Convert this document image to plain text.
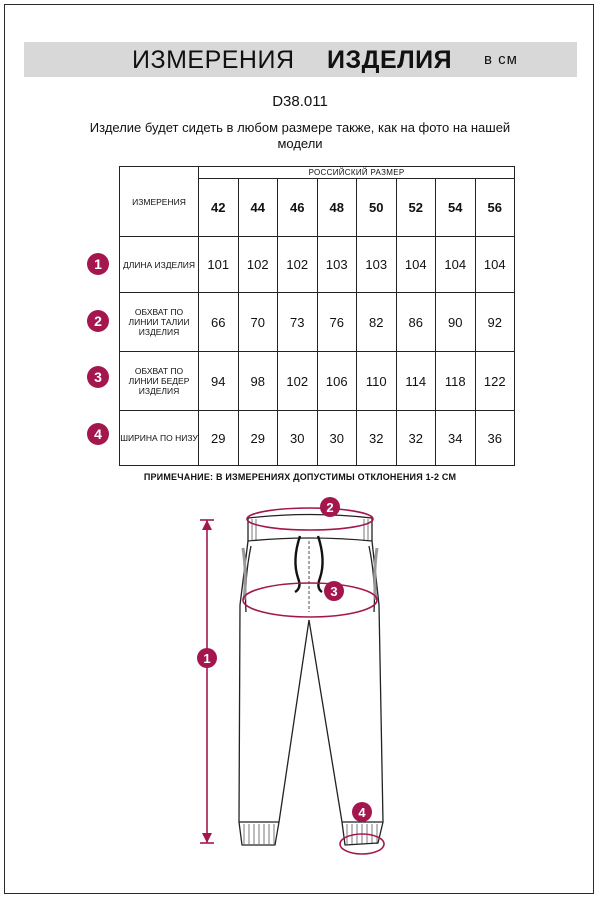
ИЗМЕРЕНИЯ ИЗДЕЛИЯ в см
D38.011
Изделие будет сидеть в любом размере также, как на фото на нашей модели
ИЗМЕРЕНИЯ	РОССИЙСКИЙ РАЗМЕР							
	42	44	46	48	50	52	54	56
ДЛИНА ИЗДЕЛИЯ	101	102	102	103	103	104	104	104
ОБХВАТ ПО ЛИНИИ ТАЛИИ ИЗДЕЛИЯ	66	70	73	76	82	86	90	92
ОБХВАТ ПО ЛИНИИ БЕДЕР ИЗДЕЛИЯ	94	98	102	106	110	114	118	122
ШИРИНА ПО НИЗУ	29	29	30	30	32	32	34	36
1
2
3
4
ПРИМЕЧАНИЕ: В ИЗМЕРЕНИЯХ ДОПУСТИМЫ ОТКЛОНЕНИЯ 1-2 СМ
1
2
3
4
